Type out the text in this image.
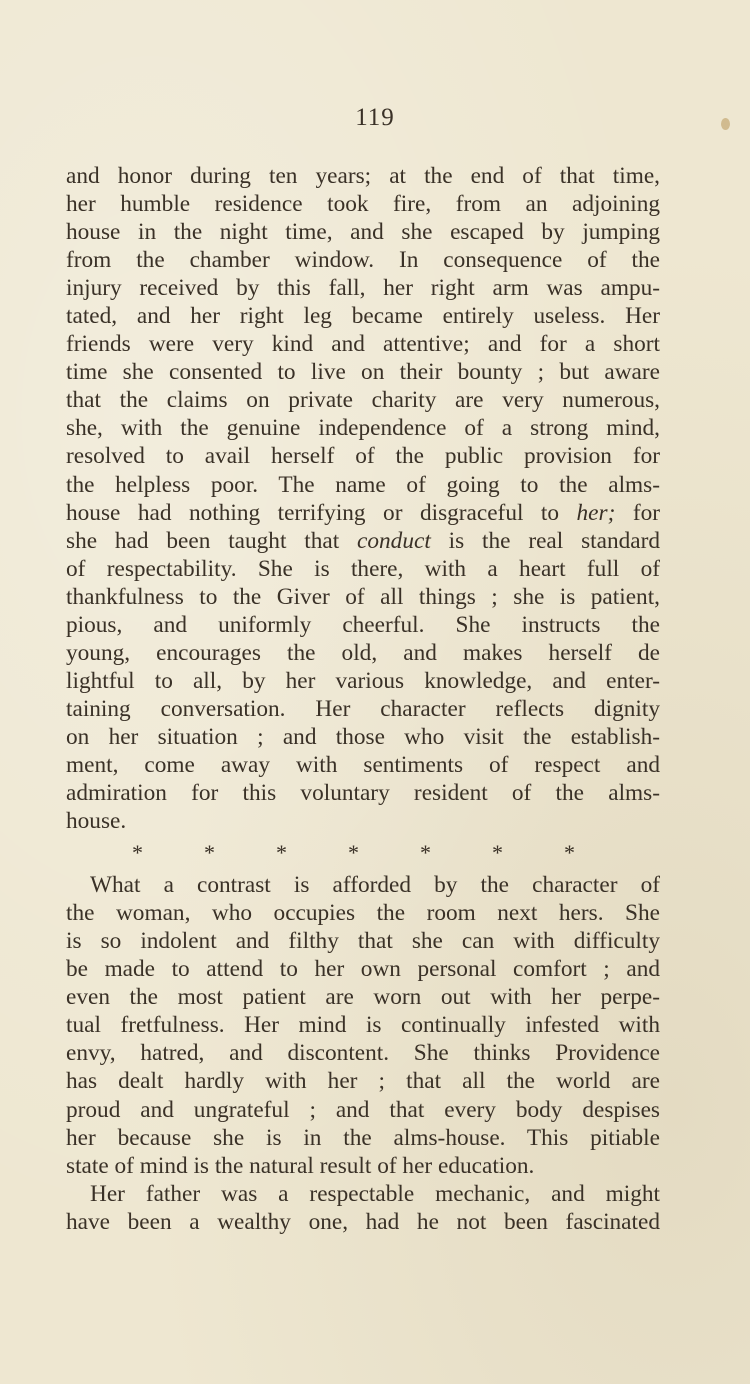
119
and honor during ten years; at the end of that time,
her humble residence took fire, from an adjoining
house in the night time, and she escaped by jumping
from the chamber window. In consequence of the
injury received by this fall, her right arm was ampu-
tated, and her right leg became entirely useless. Her
friends were very kind and attentive; and for a short
time she consented to live on their bounty ; but aware
that the claims on private charity are very numerous,
she, with the genuine independence of a strong mind,
resolved to avail herself of the public provision for
the helpless poor. The name of going to the alms-
house had nothing terrifying or disgraceful to her; for
she had been taught that conduct is the real standard
of respectability. She is there, with a heart full of
thankfulness to the Giver of all things ; she is patient,
pious, and uniformly cheerful. She instructs the
young, encourages the old, and makes herself de
lightful to all, by her various knowledge, and enter-
taining conversation. Her character reflects dignity
on her situation ; and those who visit the establish-
ment, come away with sentiments of respect and
admiration for this voluntary resident of the alms-
house.
*	*	*	*	*	*	*
What a contrast is afforded by the character of
the woman, who occupies the room next hers. She
is so indolent and filthy that she can with difficulty
be made to attend to her own personal comfort ; and
even the most patient are worn out with her perpe-
tual fretfulness. Her mind is continually infested with
envy, hatred, and discontent. She thinks Providence
has dealt hardly with her ; that all the world are
proud and ungrateful ; and that every body despises
her because she is in the alms-house. This pitiable
state of mind is the natural result of her education.
Her father was a respectable mechanic, and might
have been a wealthy one, had he not been fascinated
